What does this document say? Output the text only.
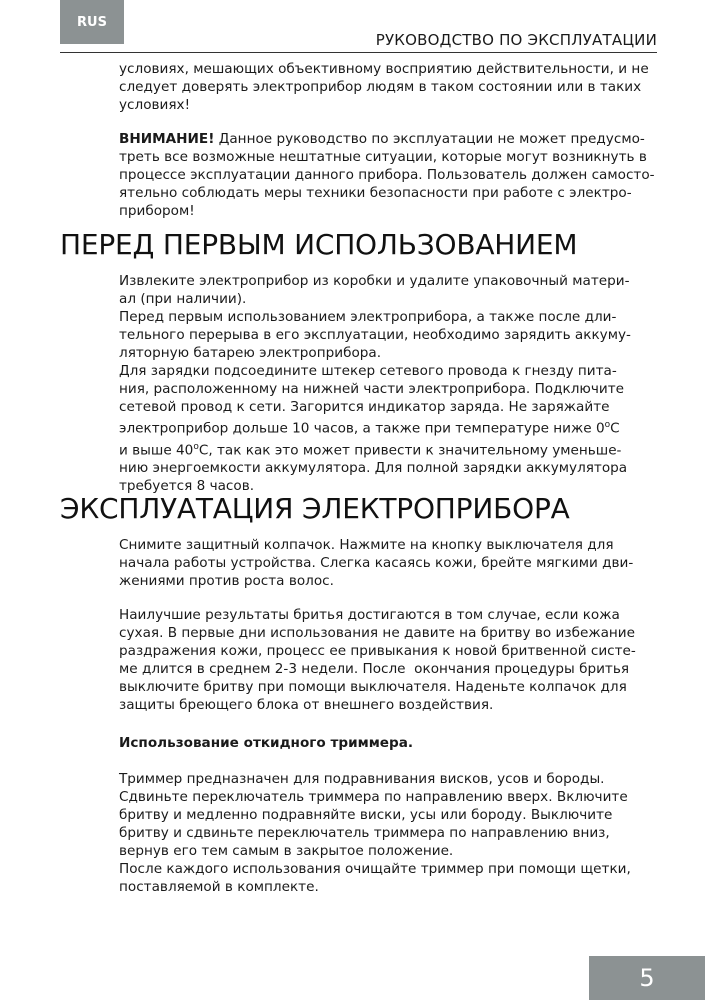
RUS
РУКОВОДСТВО ПО ЭКСПЛУАТАЦИИ
условиях, мешающих объективному восприятию действительности, и не
следует доверять электроприбор людям в таком состоянии или в таких
условиях!
ВНИМАНИЕ! Данное руководство по эксплуатации не может предусмо-
треть все возможные нештатные ситуации, которые могут возникнуть в
процессе эксплуатации данного прибора. Пользователь должен самосто-
ятельно соблюдать меры техники безопасности при работе с электро-
прибором!
ПЕРЕД ПЕРВЫМ ИСПОЛЬЗОВАНИЕМ
Извлеките электроприбор из коробки и удалите упаковочный матери-
ал (при наличии).
Перед первым использованием электроприбора, а также после дли-
тельного перерыва в его эксплуатации, необходимо зарядить аккуму-
ляторную батарею электроприбора.
Для зарядки подсоедините штекер сетевого провода к гнезду пита-
ния, расположенному на нижней части электроприбора. Подключите
сетевой провод к сети. Загорится индикатор заряда. Не заряжайте
электроприбор дольше 10 часов, а также при температуре ниже $0^оС$
и выше $40^оС$, так как это может привести к значительному уменьше-
нию энергоемкости аккумулятора. Для полной зарядки аккумулятора
требуется 8 часов.
ЭКСПЛУАТАЦИЯ ЭЛЕКТРОПРИБОРА
Снимите защитный колпачок. Нажмите на кнопку выключателя для
начала работы устройства. Слегка касаясь кожи, брейте мягкими дви-
жениями против роста волос.
Наилучшие результаты бритья достигаются в том случае, если кожа
сухая. В первые дни использования не давите на бритву во избежание
раздражения кожи, процесс ее привыкания к новой бритвенной систе-
ме длится в среднем 2-3 недели. После  окончания процедуры бритья
выключите бритву при помощи выключателя. Наденьте колпачок для
защиты бреющего блока от внешнего воздействия.
Использование откидного триммера.
Триммер предназначен для подравнивания висков, усов и бороды.
Сдвиньте переключатель триммера по направлению вверх. Включите
бритву и медленно подравняйте виски, усы или бороду. Выключите
бритву и сдвиньте переключатель триммера по направлению вниз,
вернув его тем самым в закрытое положение.
После каждого использования очищайте триммер при помощи щетки,
поставляемой в комплекте.
5
